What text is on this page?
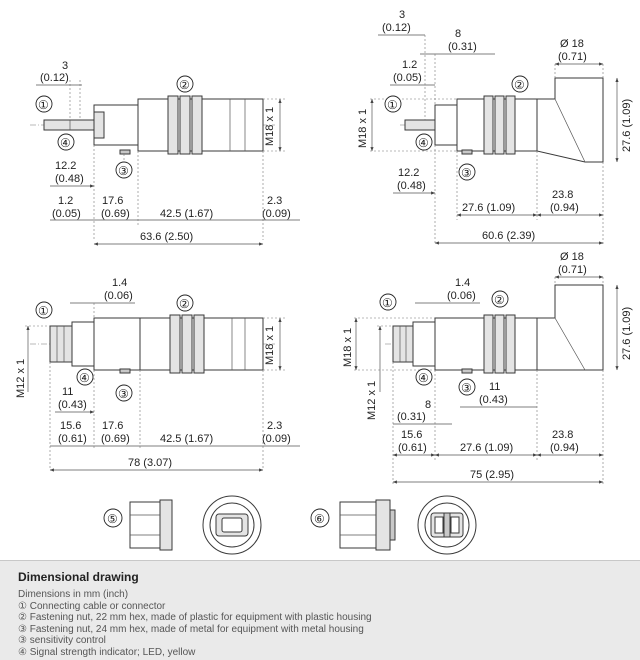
M18 x 1
3
(0.12)
①
②
④
③
12.2
(0.48)
1.2
(0.05)
17.6
(0.69)	42.5 (1.67)
2.3
(0.09)
63.6 (2.50)
3
(0.12)	8
(0.31)
1.2
(0.05)
Ø 18
(0.71)
M18 x 1	27.6 (1.09)
①
②
④
③
12.2
(0.48)
27.6 (1.09)
23.8
(0.94)
60.6 (2.39)
M18 x 1
M12 x 1
1.4
(0.06)
①	②
④
③
11
(0.43)
15.6
(0.61)
17.6
(0.69)	42.5 (1.67)
2.3
(0.09)
78 (3.07)
1.4
(0.06)
Ø 18
(0.71)
M18 x 1
M12 x 1
27.6 (1.09)
①	②
④
③ 11
(0.43)
8
(0.31)
15.6
(0.61)	27.6 (1.09)
23.8
(0.94)
75 (2.95)
⑤	⑥
Dimensional drawing
Dimensions in mm (inch)
① Connecting cable or connector
② Fastening nut, 22 mm hex, made of plastic for equipment with plastic housing
③ Fastening nut, 24 mm hex, made of metal for equipment with metal housing
③ sensitivity control
④ Signal strength indicator; LED, yellow
